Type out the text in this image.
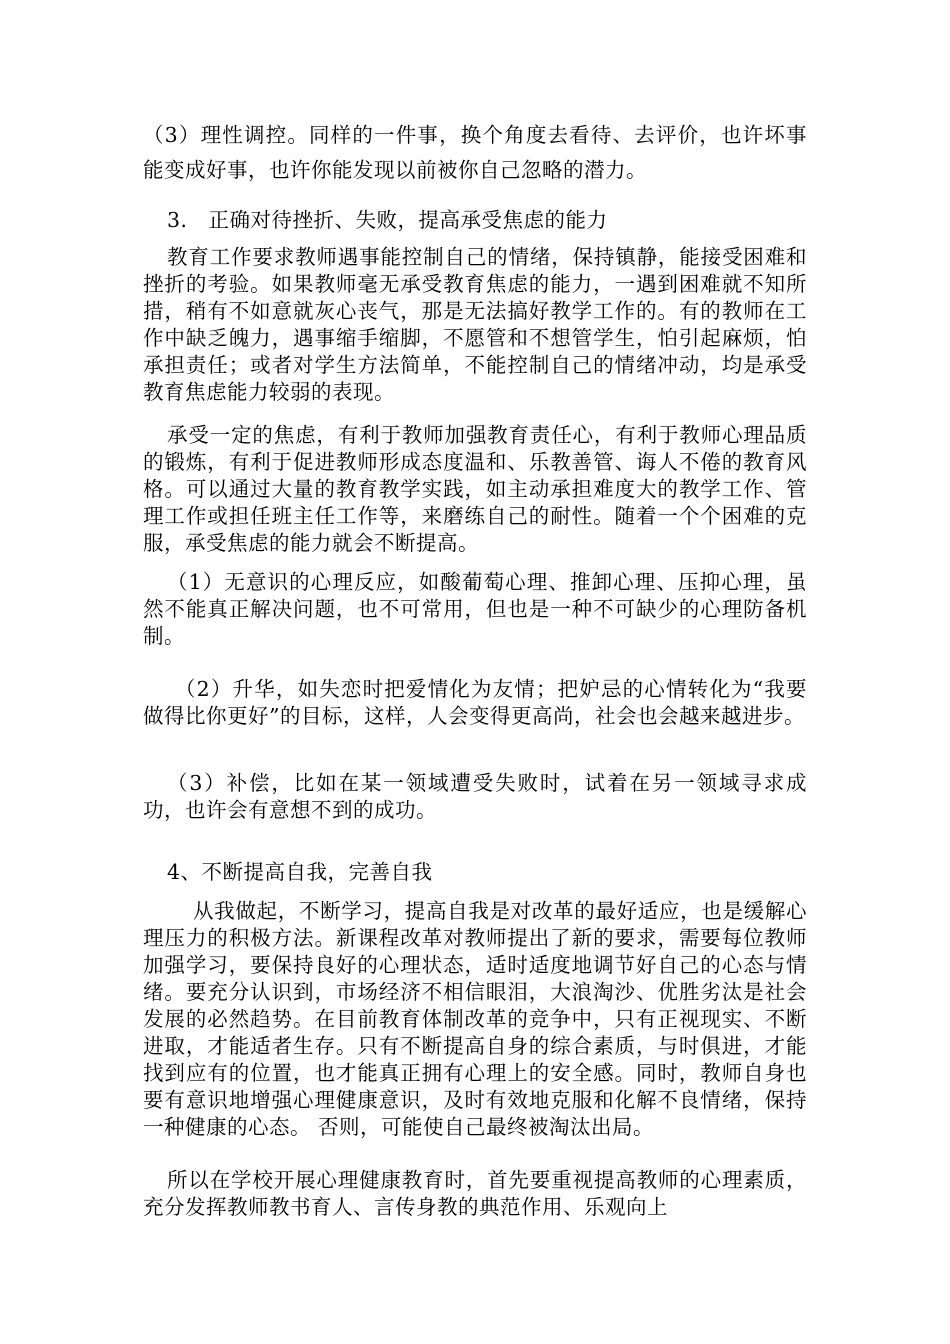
（3）理性调控。同样的一件事，换个角度去看待、去评价，也许坏事能变成好事，也许你能发现以前被你自己忽略的潜力。

3． 正确对待挫折、失败，提高承受焦虑的能力

教育工作要求教师遇事能控制自己的情绪，保持镇静，能接受困难和挫折的考验。如果教师毫无承受教育焦虑的能力，一遇到困难就不知所措，稍有不如意就灰心丧气，那是无法搞好教学工作的。有的教师在工作中缺乏魄力，遇事缩手缩脚，不愿管和不想管学生，怕引起麻烦，怕承担责任；或者对学生方法简单，不能控制自己的情绪冲动，均是承受教育焦虑能力较弱的表现。

承受一定的焦虑，有利于教师加强教育责任心，有利于教师心理品质的锻炼，有利于促进教师形成态度温和、乐教善管、诲人不倦的教育风格。可以通过大量的教育教学实践，如主动承担难度大的教学工作、管理工作或担任班主任工作等，来磨练自己的耐性。随着一个个困难的克服，承受焦虑的能力就会不断提高。

（1）无意识的心理反应，如酸葡萄心理、推卸心理、压抑心理，虽然不能真正解决问题，也不可常用，但也是一种不可缺少的心理防备机制。

（2）升华，如失恋时把爱情化为友情；把妒忌的心情转化为“我要做得比你更好”的目标，这样，人会变得更高尚，社会也会越来越进步。

（3）补偿，比如在某一领域遭受失败时，试着在另一领域寻求成功，也许会有意想不到的成功。

4、不断提高自我，完善自我

从我做起，不断学习，提高自我是对改革的最好适应，也是缓解心理压力的积极方法。新课程改革对教师提出了新的要求，需要每位教师加强学习，要保持良好的心理状态，适时适度地调节好自己的心态与情绪。要充分认识到，市场经济不相信眼泪，大浪淘沙、优胜劣汰是社会发展的必然趋势。在目前教育体制改革的竞争中，只有正视现实、不断进取，才能适者生存。只有不断提高自身的综合素质，与时俱进，才能找到应有的位置，也才能真正拥有心理上的安全感。同时，教师自身也要有意识地增强心理健康意识，及时有效地克服和化解不良情绪，保持一种健康的心态。 否则，可能使自己最终被淘汰出局。

所以在学校开展心理健康教育时，首先要重视提高教师的心理素质，充分发挥教师教书育人、言传身教的典范作用、乐观向上
